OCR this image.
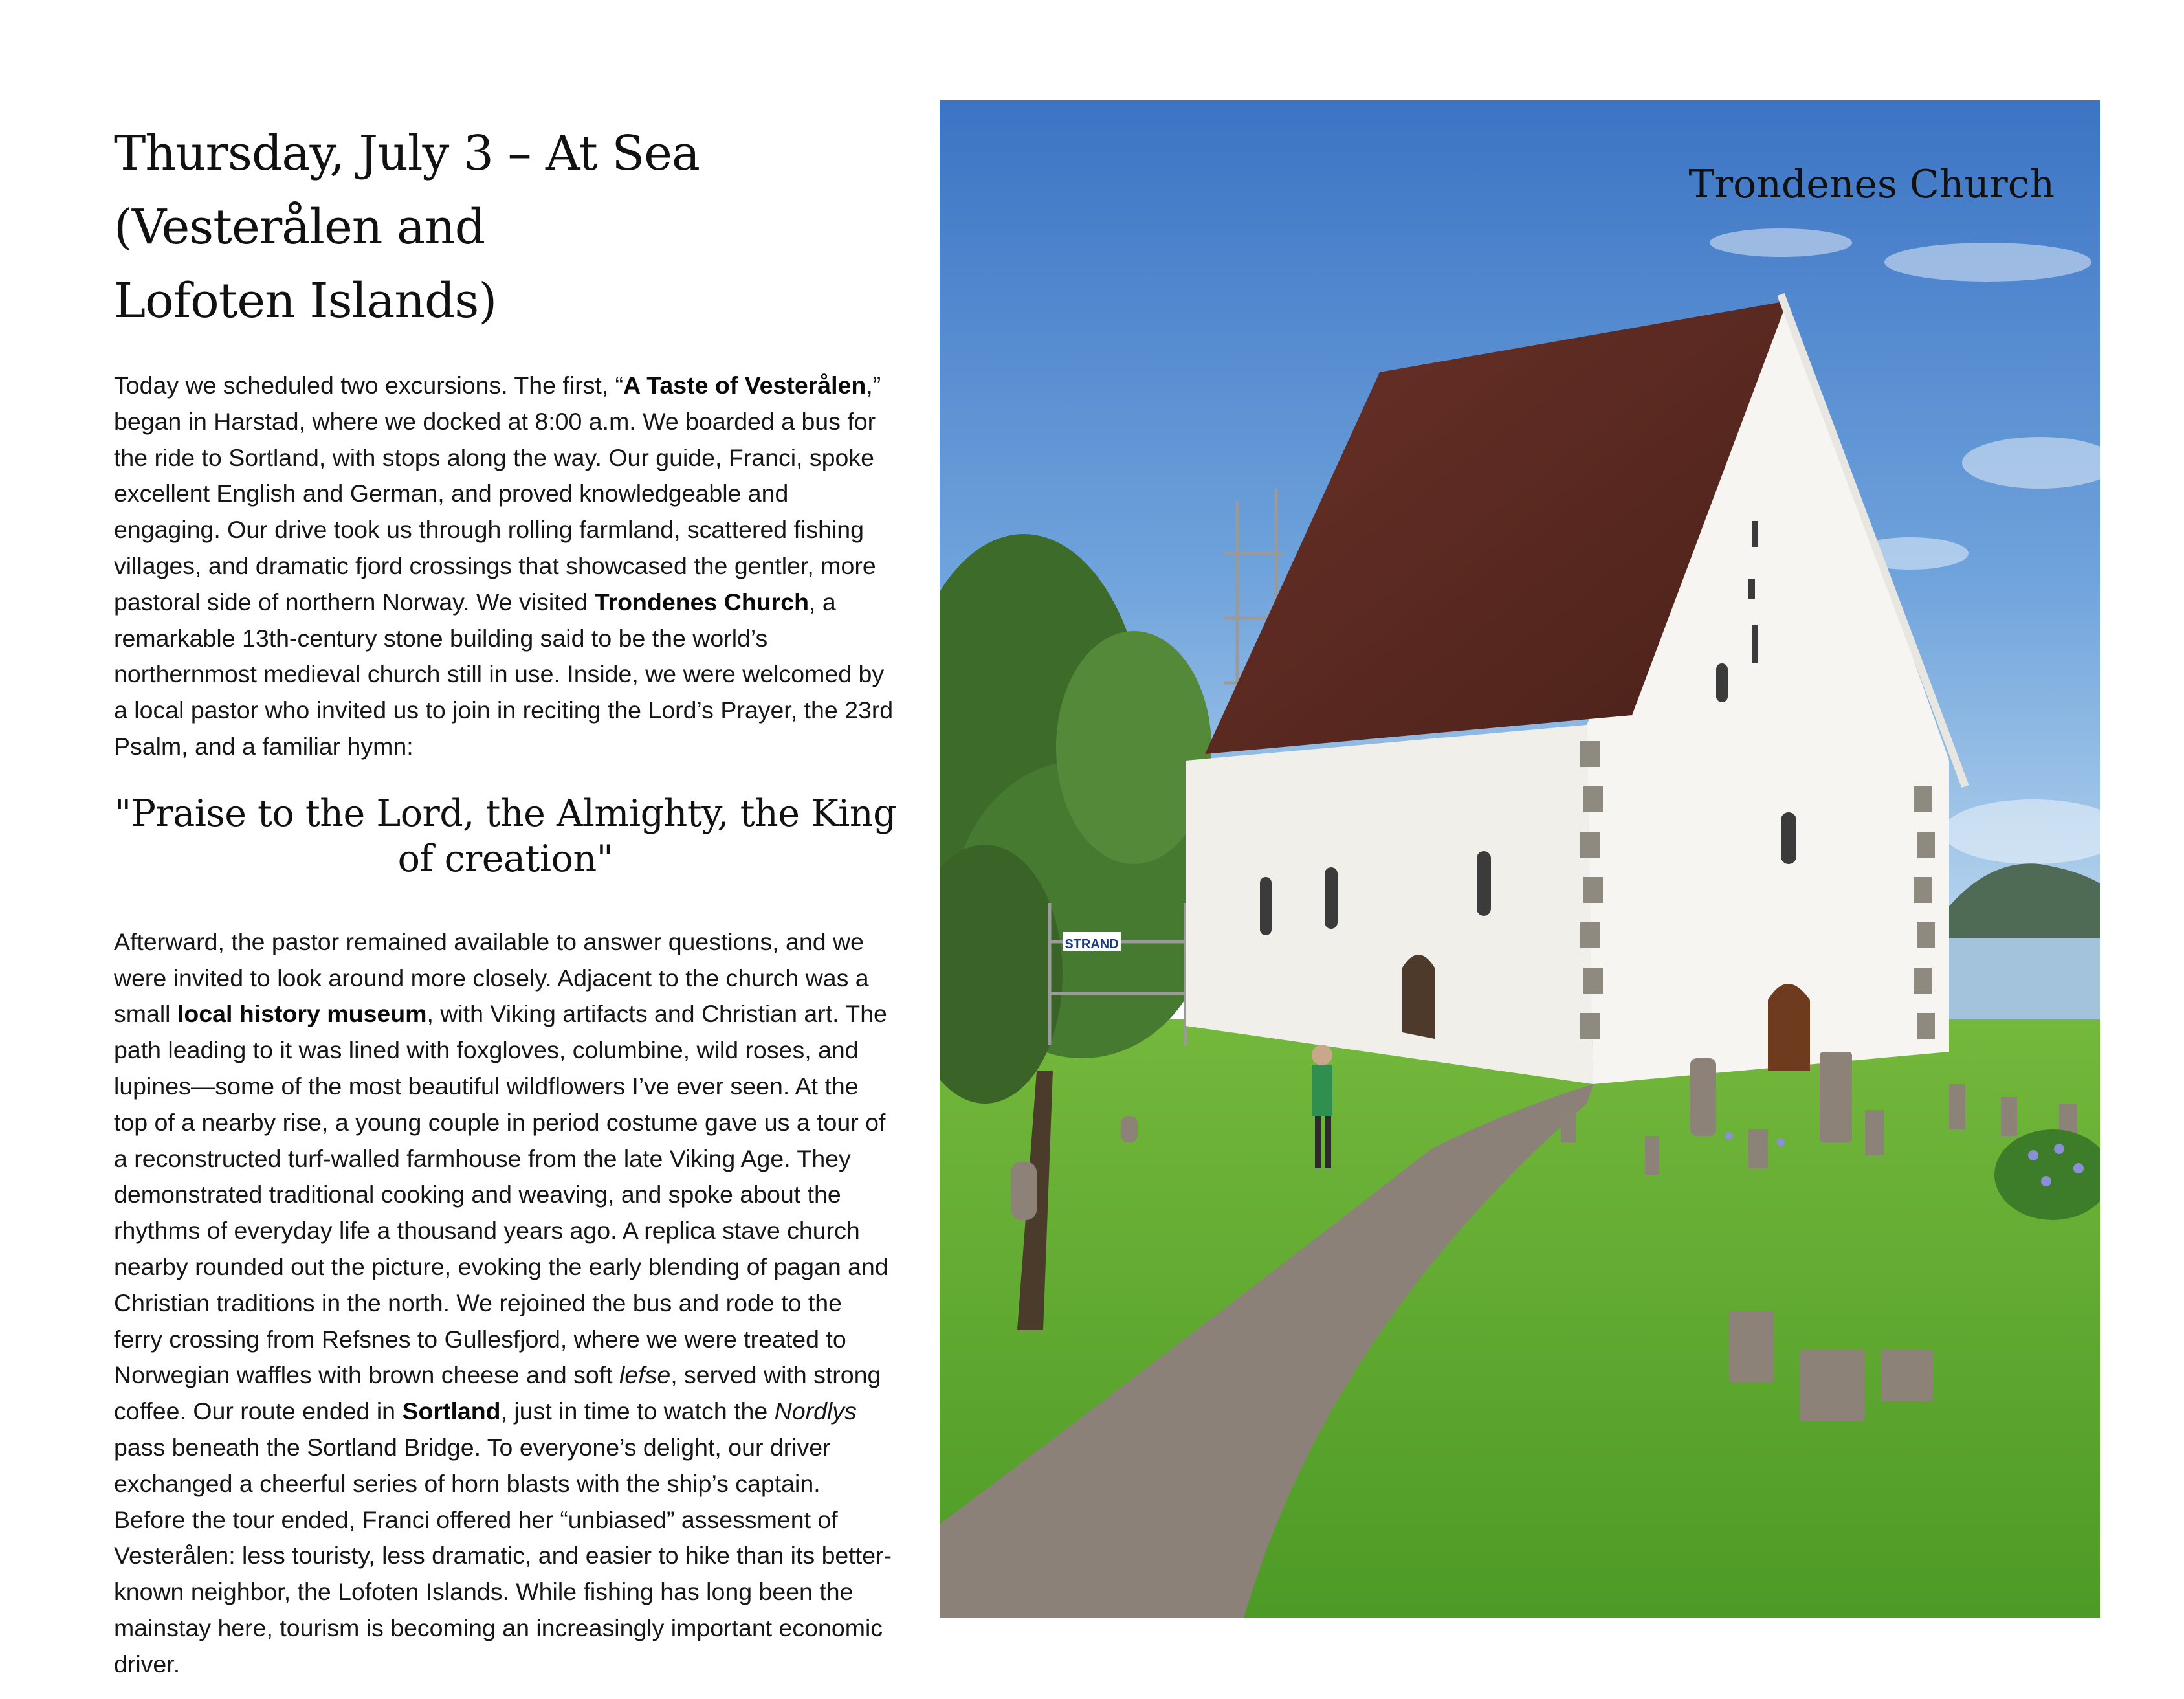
Thursday, July 3 – At Sea (Vesterålen and
Lofoten Islands)

Today we scheduled two excursions. The first, “A Taste of Vesterålen,” began in Harstad, where we docked at 8:00 a.m. We boarded a bus for the ride to Sortland, with stops along the way. Our guide, Franci, spoke excellent English and German, and proved knowledgeable and engaging. Our drive took us through rolling farmland, scattered fishing villages, and dramatic fjord crossings that showcased the gentler, more pastoral side of northern Norway. We visited Trondenes Church, a remarkable 13th-century stone building said to be the world’s northernmost medieval church still in use. Inside, we were welcomed by a local pastor who invited us to join in reciting the Lord’s Prayer, the 23rd Psalm, and a familiar hymn:

"Praise to the Lord, the Almighty, the King of creation"

Afterward, the pastor remained available to answer questions, and we were invited to look around more closely. Adjacent to the church was a small local history museum, with Viking artifacts and Christian art. The path leading to it was lined with foxgloves, columbine, wild roses, and lupines—some of the most beautiful wildflowers I’ve ever seen. At the top of a nearby rise, a young couple in period costume gave us a tour of a reconstructed turf-walled farmhouse from the late Viking Age. They demonstrated traditional cooking and weaving, and spoke about the rhythms of everyday life a thousand years ago. A replica stave church nearby rounded out the picture, evoking the early blending of pagan and Christian traditions in the north. We rejoined the bus and rode to the ferry crossing from Refsnes to Gullesfjord, where we were treated to Norwegian waffles with brown cheese and soft lefse, served with strong coffee. Our route ended in Sortland, just in time to watch the Nordlys pass beneath the Sortland Bridge. To everyone’s delight, our driver exchanged a cheerful series of horn blasts with the ship’s captain. Before the tour ended, Franci offered her “unbiased” assessment of Vesterålen: less touristy, less dramatic, and easier to hike than its better-known neighbor, the Lofoten Islands. While fishing has long been the mainstay here, tourism is becoming an increasingly important economic driver.

STRAND
Trondenes Church
